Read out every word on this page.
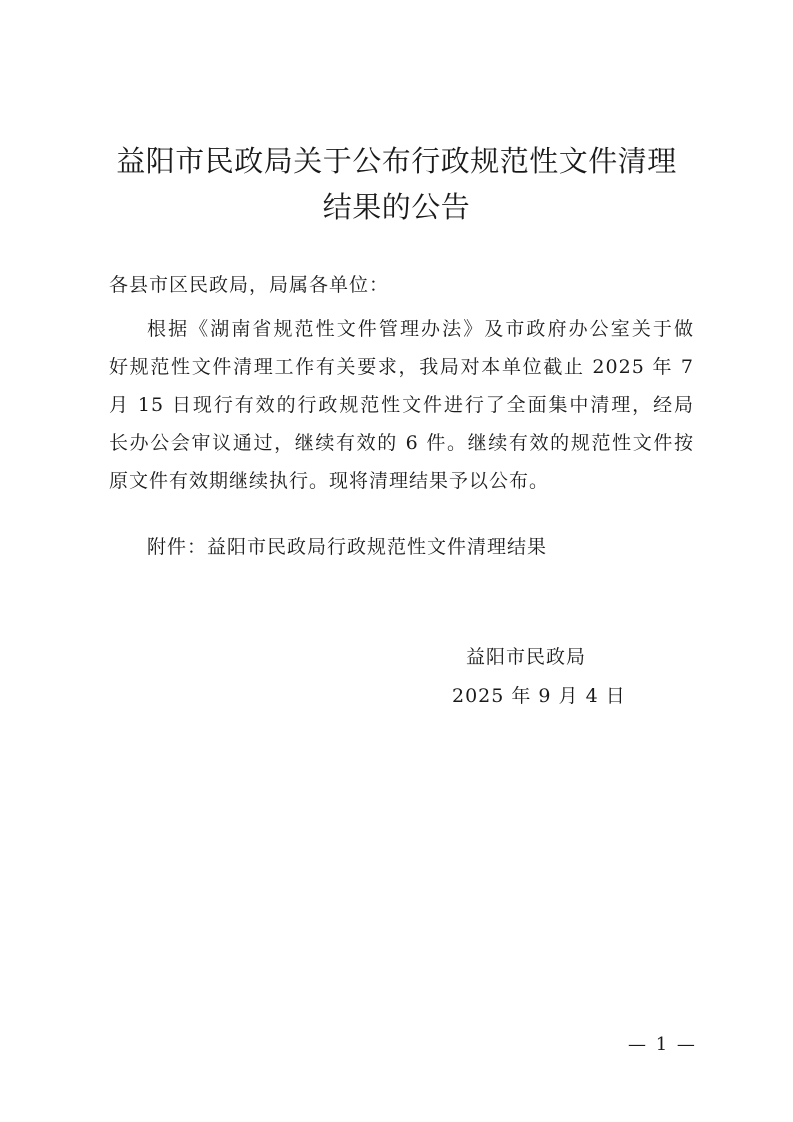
益阳市民政局关于公布行政规范性文件清理
结果的公告
各县市区民政局，局属各单位：
根据《湖南省规范性文件管理办法》及市政府办公室关于做
好规范性文件清理工作有关要求，我局对本单位截止 2025 年 7
月 15 日现行有效的行政规范性文件进行了全面集中清理，经局
长办公会审议通过，继续有效的 6 件。继续有效的规范性文件按
原文件有效期继续执行。现将清理结果予以公布。
附件：益阳市民政局行政规范性文件清理结果
益阳市民政局
2025 年 9 月 4 日
— 1 —
